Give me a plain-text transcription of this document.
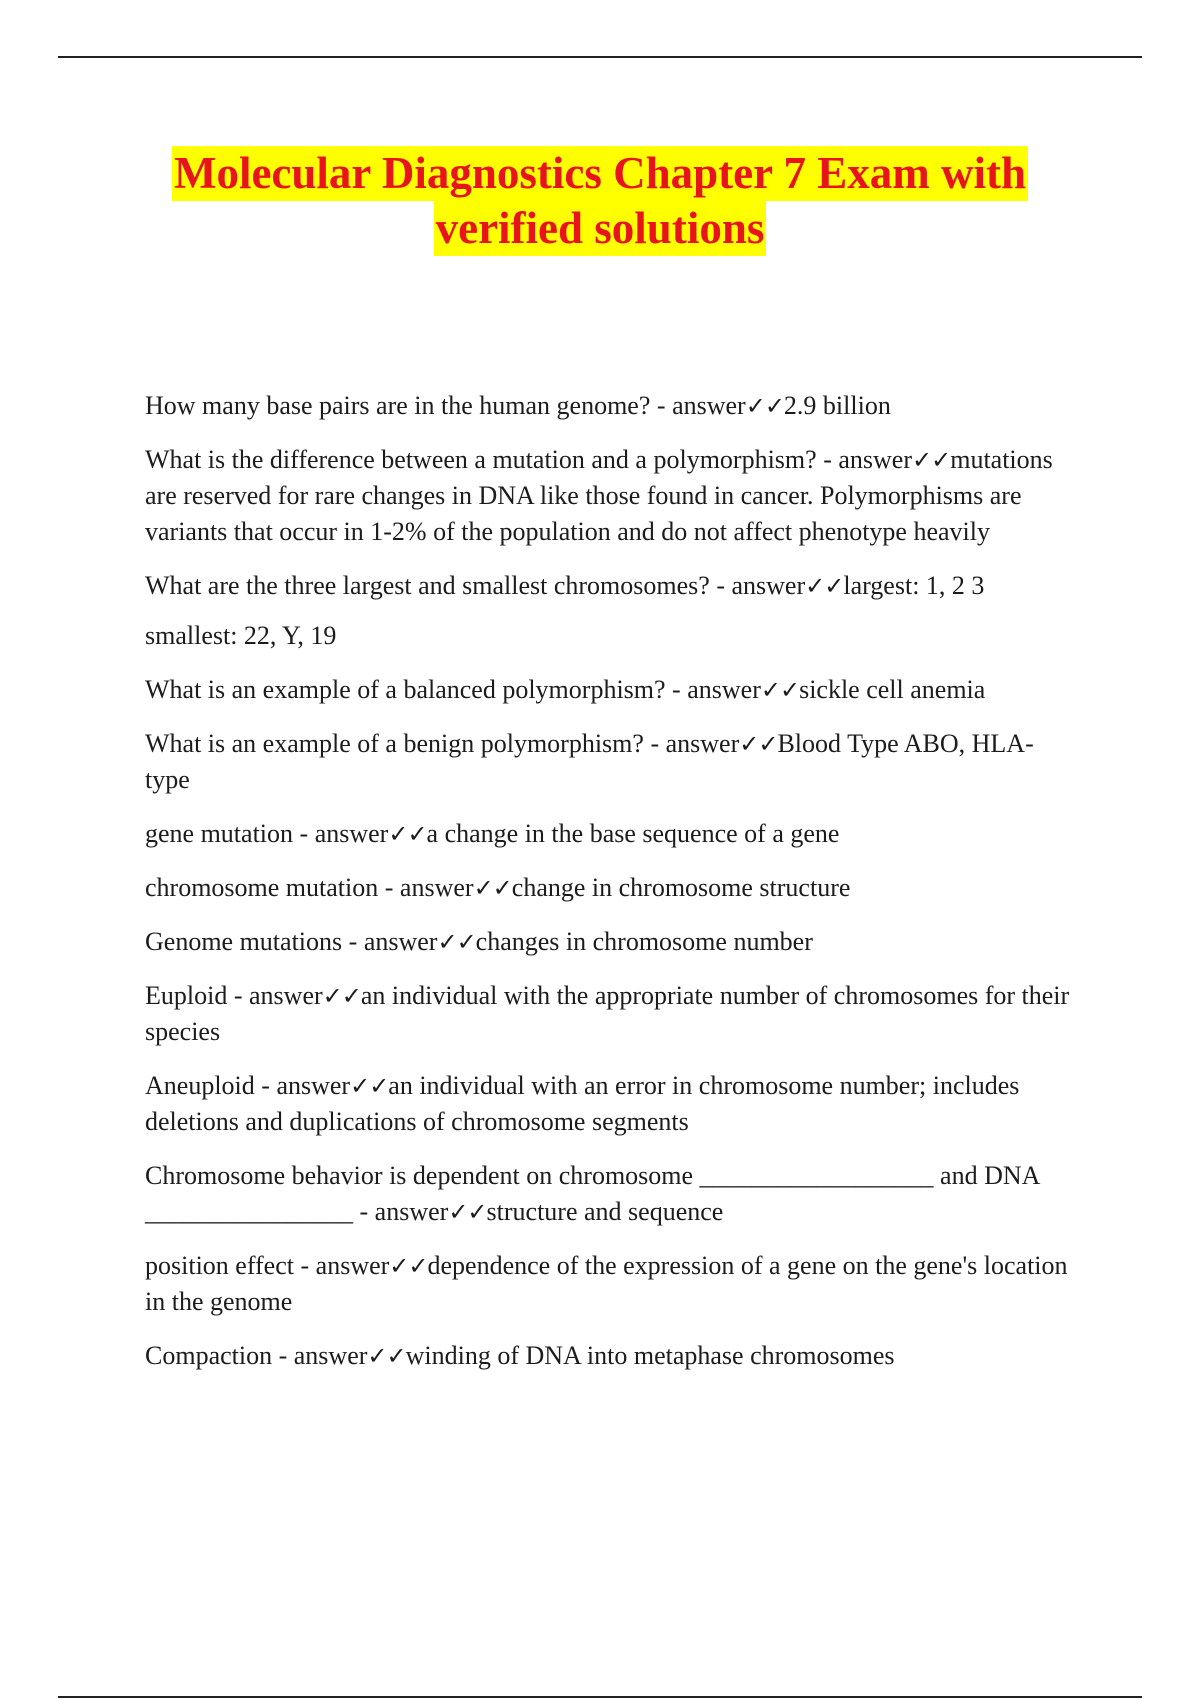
Molecular Diagnostics Chapter 7 Exam with
verified solutions
How many base pairs are in the human genome? - answer✓✓2.9 billion
What is the difference between a mutation and a polymorphism? - answer✓✓mutations are reserved for rare changes in DNA like those found in cancer. Polymorphisms are variants that occur in 1-2% of the population and do not affect phenotype heavily
What are the three largest and smallest chromosomes? - answer✓✓largest: 1, 2 3
smallest: 22, Y, 19
What is an example of a balanced polymorphism? - answer✓✓sickle cell anemia
What is an example of a benign polymorphism? - answer✓✓Blood Type ABO, HLA-type
gene mutation - answer✓✓a change in the base sequence of a gene
chromosome mutation - answer✓✓change in chromosome structure
Genome mutations - answer✓✓changes in chromosome number
Euploid - answer✓✓an individual with the appropriate number of chromosomes for their species
Aneuploid - answer✓✓an individual with an error in chromosome number; includes deletions and duplications of chromosome segments
Chromosome behavior is dependent on chromosome __________________ and DNA ________________ - answer✓✓structure and sequence
position effect - answer✓✓dependence of the expression of a gene on the gene's location in the genome
Compaction - answer✓✓winding of DNA into metaphase chromosomes
